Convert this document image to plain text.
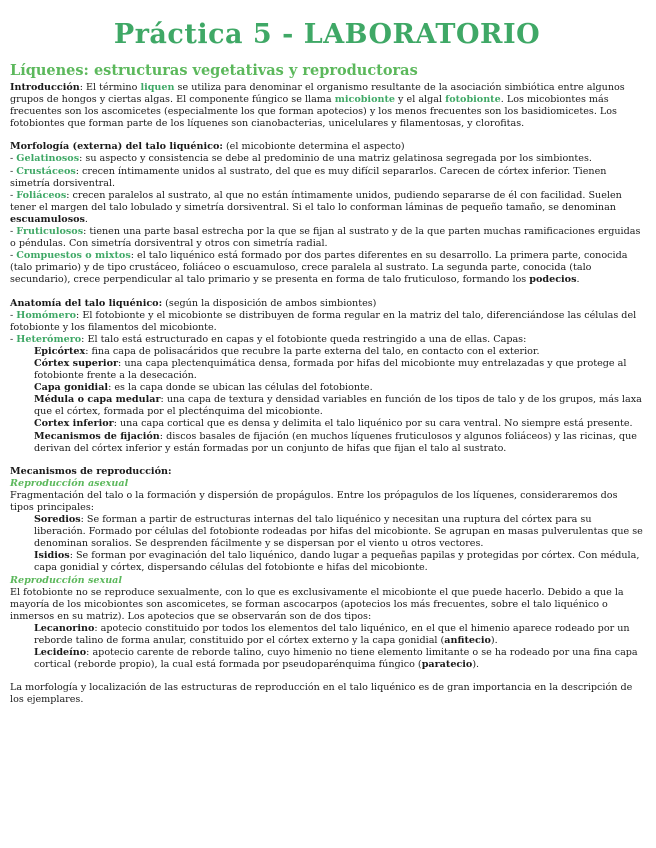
Práctica 5 - LABORATORIO
Líquenes: estructuras vegetativas y reproductoras

Introducción: El término liquen se utiliza para denominar el organismo resultante de la asociación simbiótica entre algunos grupos de hongos y ciertas algas. El componente fúngico se llama micobionte y el algal fotobionte. Los micobiontes más frecuentes son los ascomicetes (especialmente los que forman apotecios) y los menos frecuentes son los basidiomicetes. Los fotobiontes que forman parte de los líquenes son cianobacterias, unicelulares y filamentosas, y clorofitas.

Morfología (externa) del talo liquénico: (el micobionte determina el aspecto)

- Gelatinosos: su aspecto y consistencia se debe al predominio de una matriz gelatinosa segregada por los simbiontes.

- Crustáceos: crecen íntimamente unidos al sustrato, del que es muy difícil separarlos. Carecen de córtex inferior. Tienen simetría dorsiventral.

- Foliáceos: crecen paralelos al sustrato, al que no están íntimamente unidos, pudiendo separarse de él con facilidad. Suelen tener el margen del talo lobulado y simetría dorsiventral. Si el talo lo conforman láminas de pequeño tamaño, se denominan escuamulosos.

- Fruticulosos: tienen una parte basal estrecha por la que se fijan al sustrato y de la que parten muchas ramificaciones erguidas o péndulas. Con simetría dorsiventral y otros con simetría radial.

- Compuestos o mixtos: el talo liquénico está formado por dos partes diferentes en su desarrollo. La primera parte, conocida (talo primario) y de tipo crustáceo, foliáceo o escuamuloso, crece paralela al sustrato. La segunda parte, conocida (talo secundario), crece perpendicular al talo primario y se presenta en forma de talo fruticuloso, formando los podecios.

Anatomía del talo liquénico: (según la disposición de ambos simbiontes)

- Homómero: El fotobionte y el micobionte se distribuyen de forma regular en la matriz del talo, diferenciándose las células del fotobionte y los filamentos del micobionte.

- Heterómero: El talo está estructurado en capas y el fotobionte queda restringido a una de ellas. Capas:

Epicórtex: fina capa de polisacáridos que recubre la parte externa del talo, en contacto con el exterior.

Córtex superior: una capa plectenquimática densa, formada por hifas del micobionte muy entrelazadas y que protege al fotobionte frente a la desecación.

Capa gonidial: es la capa donde se ubican las células del fotobionte.

Médula o capa medular: una capa de textura y densidad variables en función de los tipos de talo y de los grupos, más laxa que el córtex, formada por el plecténquima del micobionte.

Cortex inferior: una capa cortical que es densa y delimita el talo liquénico por su cara ventral. No siempre está presente.

Mecanismos de fijación: discos basales de fijación (en muchos líquenes fruticulosos y algunos foliáceos) y las ricinas, que derivan del córtex inferior y están formadas por un conjunto de hifas que fijan el talo al sustrato.

Mecanismos de reproducción:

Reproducción asexual

Fragmentación del talo o la formación y dispersión de propágulos. Entre los própagulos de los líquenes, consideraremos dos tipos principales:

Soredios: Se forman a partir de estructuras internas del talo liquénico y necesitan una ruptura del córtex para su liberación. Formado por células del fotobionte rodeadas por hifas del micobionte. Se agrupan en masas pulverulentas que se denominan soralios. Se desprenden fácilmente y se dispersan por el viento u otros vectores.

Isidios: Se forman por evaginación del talo liquénico, dando lugar a pequeñas papilas y protegidas por córtex. Con médula, capa gonidial y córtex, dispersando células del fotobionte e hifas del micobionte.

Reproducción sexual

El fotobionte no se reproduce sexualmente, con lo que es exclusivamente el micobionte el que puede hacerlo. Debido a que la mayoría de los micobiontes son ascomicetes, se forman ascocarpos (apotecios los más frecuentes, sobre el talo liquénico o inmersos en su matriz). Los apotecios que se observarán son de dos tipos:

Lecanorino: apotecio constituido por todos los elementos del talo liquénico, en el que el himenio aparece rodeado por un reborde talino de forma anular, constituido por el córtex externo y la capa gonidial (anfitecio).

Lecideíno: apotecio carente de reborde talino, cuyo himenio no tiene elemento limitante o se ha rodeado por una fina capa cortical (reborde propio), la cual está formada por pseudoparénquima fúngico (paratecio).

La morfología y localización de las estructuras de reproducción en el talo liquénico es de gran importancia en la descripción de los ejemplares.
